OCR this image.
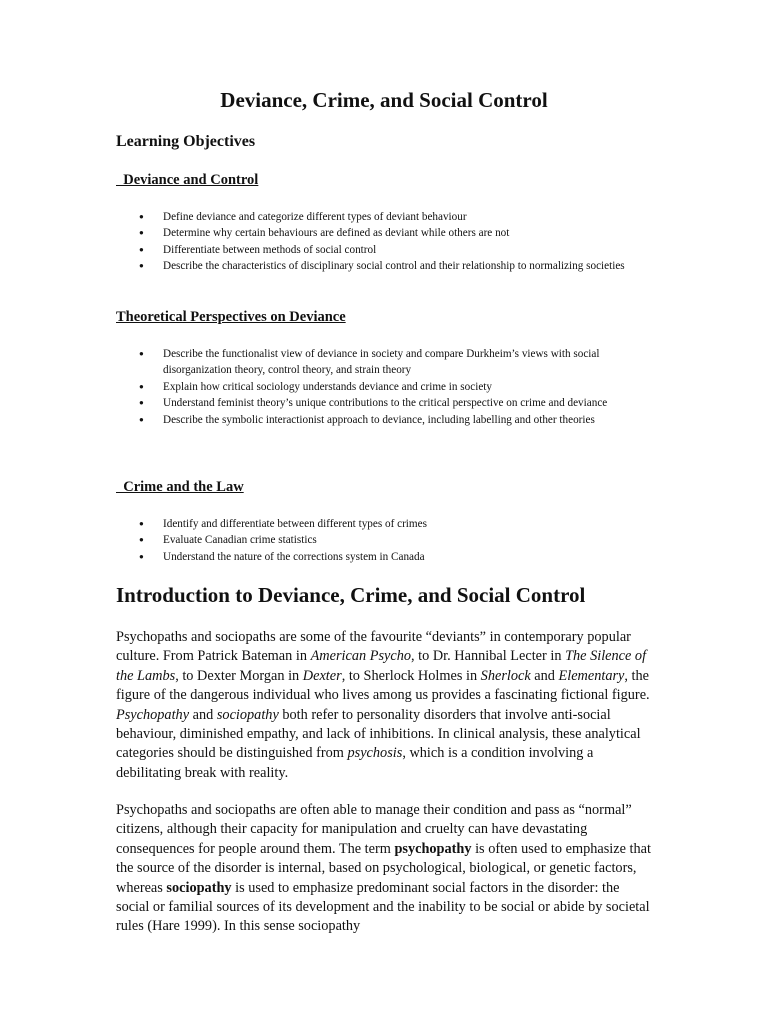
Deviance, Crime, and Social Control
Learning Objectives
Deviance and Control
● Define deviance and categorize different types of deviant behaviour
● Determine why certain behaviours are defined as deviant while others are not
● Differentiate between methods of social control
● Describe the characteristics of disciplinary social control and their relationship to normalizing societies
Theoretical Perspectives on Deviance
● Describe the functionalist view of deviance in society and compare Durkheim’s views with social disorganization theory, control theory, and strain theory
● Explain how critical sociology understands deviance and crime in society
● Understand feminist theory’s unique contributions to the critical perspective on crime and deviance
● Describe the symbolic interactionist approach to deviance, including labelling and other theories
Crime and the Law
● Identify and differentiate between different types of crimes
● Evaluate Canadian crime statistics
● Understand the nature of the corrections system in Canada
Introduction to Deviance, Crime, and Social Control

Psychopaths and sociopaths are some of the favourite “deviants” in contemporary popular culture. From Patrick Bateman in American Psycho, to Dr. Hannibal Lecter in The Silence of the Lambs, to Dexter Morgan in Dexter, to Sherlock Holmes in Sherlock and Elementary, the figure of the dangerous individual who lives among us provides a fascinating fictional figure. Psychopathy and sociopathy both refer to personality disorders that involve anti-social behaviour, diminished empathy, and lack of inhibitions. In clinical analysis, these analytical categories should be distinguished from psychosis, which is a condition involving a debilitating break with reality.

Psychopaths and sociopaths are often able to manage their condition and pass as “normal” citizens, although their capacity for manipulation and cruelty can have devastating consequences for people around them. The term psychopathy is often used to emphasize that the source of the disorder is internal, based on psychological, biological, or genetic factors, whereas sociopathy is used to emphasize predominant social factors in the disorder: the social or familial sources of its development and the inability to be social or abide by societal rules (Hare 1999). In this sense sociopathy
